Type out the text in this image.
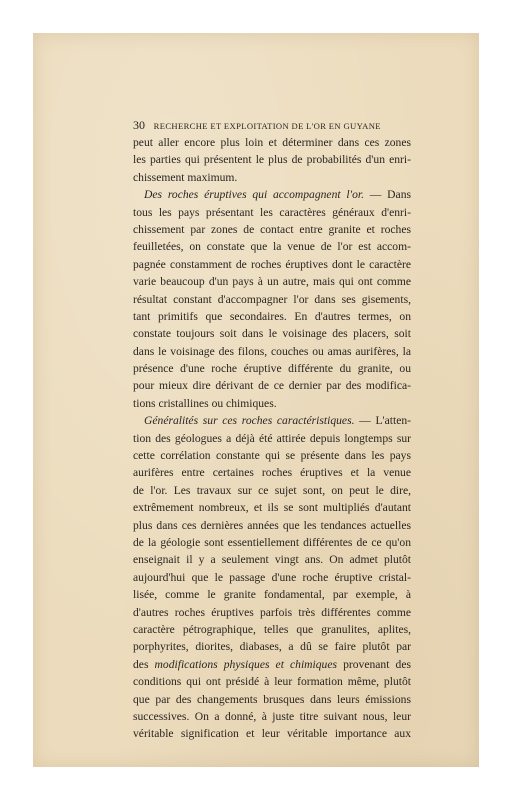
30 RECHERCHE ET EXPLOITATION DE L'OR EN GUYANE
peut aller encore plus loin et déterminer dans ces zones
les parties qui présentent le plus de probabilités d'un enri-
chissement maximum.
Des roches éruptives qui accompagnent l'or. — Dans
tous les pays présentant les caractères généraux d'enri-
chissement par zones de contact entre granite et roches
feuilletées, on constate que la venue de l'or est accom-
pagnée constamment de roches éruptives dont le caractère
varie beaucoup d'un pays à un autre, mais qui ont comme
résultat constant d'accompagner l'or dans ses gisements,
tant primitifs que secondaires. En d'autres termes, on
constate toujours soit dans le voisinage des placers, soit
dans le voisinage des filons, couches ou amas aurifères, la
présence d'une roche éruptive différente du granite, ou
pour mieux dire dérivant de ce dernier par des modifica-
tions cristallines ou chimiques.
Généralités sur ces roches caractéristiques. — L'atten-
tion des géologues a déjà été attirée depuis longtemps sur
cette corrélation constante qui se présente dans les pays
aurifères entre certaines roches éruptives et la venue
de l'or. Les travaux sur ce sujet sont, on peut le dire,
extrêmement nombreux, et ils se sont multipliés d'autant
plus dans ces dernières années que les tendances actuelles
de la géologie sont essentiellement différentes de ce qu'on
enseignait il y a seulement vingt ans. On admet plutôt
aujourd'hui que le passage d'une roche éruptive cristal-
lisée, comme le granite fondamental, par exemple, à
d'autres roches éruptives parfois très différentes comme
caractère pétrographique, telles que granulites, aplites,
porphyrites, diorites, diabases, a dû se faire plutôt par
des modifications physiques et chimiques provenant des
conditions qui ont présidé à leur formation même, plutôt
que par des changements brusques dans leurs émissions
successives. On a donné, à juste titre suivant nous, leur
véritable signification et leur véritable importance aux
